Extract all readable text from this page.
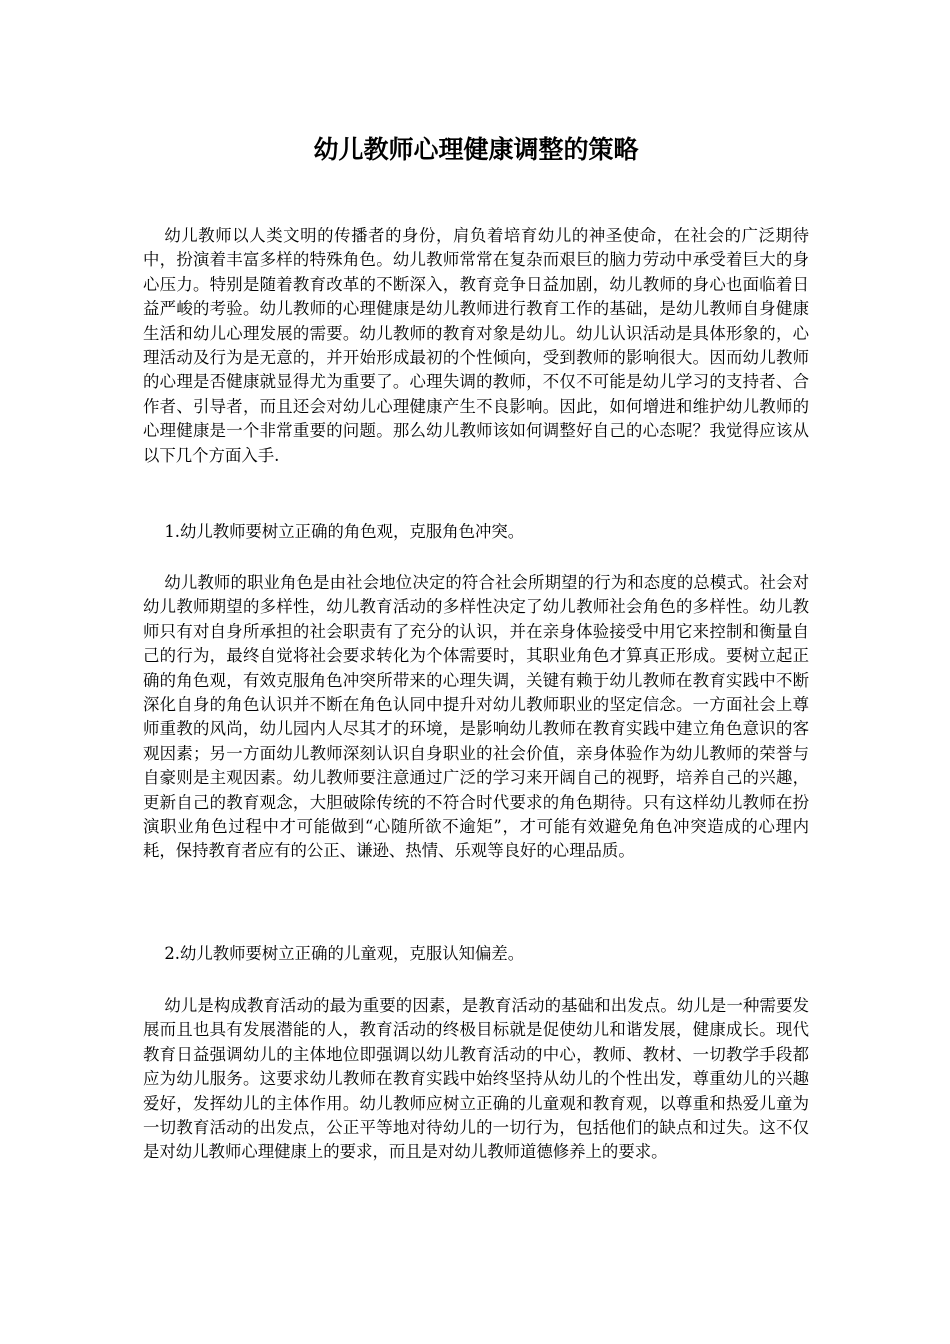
幼儿教师心理健康调整的策略

幼儿教师以人类文明的传播者的身份，肩负着培育幼儿的神圣使命，在社会的广泛期待中，扮演着丰富多样的特殊角色。幼儿教师常常在复杂而艰巨的脑力劳动中承受着巨大的身心压力。特别是随着教育改革的不断深入，教育竞争日益加剧，幼儿教师的身心也面临着日益严峻的考验。幼儿教师的心理健康是幼儿教师进行教育工作的基础，是幼儿教师自身健康生活和幼儿心理发展的需要。幼儿教师的教育对象是幼儿。幼儿认识活动是具体形象的，心理活动及行为是无意的，并开始形成最初的个性倾向，受到教师的影响很大。因而幼儿教师的心理是否健康就显得尤为重要了。心理失调的教师，不仅不可能是幼儿学习的支持者、合作者、引导者，而且还会对幼儿心理健康产生不良影响。因此，如何增进和维护幼儿教师的心理健康是一个非常重要的问题。那么幼儿教师该如何调整好自己的心态呢？我觉得应该从以下几个方面入手.

1.幼儿教师要树立正确的角色观，克服角色冲突。

幼儿教师的职业角色是由社会地位决定的符合社会所期望的行为和态度的总模式。社会对幼儿教师期望的多样性，幼儿教育活动的多样性决定了幼儿教师社会角色的多样性。幼儿教师只有对自身所承担的社会职责有了充分的认识，并在亲身体验接受中用它来控制和衡量自己的行为，最终自觉将社会要求转化为个体需要时，其职业角色才算真正形成。要树立起正确的角色观，有效克服角色冲突所带来的心理失调，关键有赖于幼儿教师在教育实践中不断深化自身的角色认识并不断在角色认同中提升对幼儿教师职业的坚定信念。一方面社会上尊师重教的风尚，幼儿园内人尽其才的环境，是影响幼儿教师在教育实践中建立角色意识的客观因素；另一方面幼儿教师深刻认识自身职业的社会价值，亲身体验作为幼儿教师的荣誉与自豪则是主观因素。幼儿教师要注意通过广泛的学习来开阔自己的视野，培养自己的兴趣，更新自己的教育观念，大胆破除传统的不符合时代要求的角色期待。只有这样幼儿教师在扮演职业角色过程中才可能做到“心随所欲不逾矩”，才可能有效避免角色冲突造成的心理内耗，保持教育者应有的公正、谦逊、热情、乐观等良好的心理品质。

2.幼儿教师要树立正确的儿童观，克服认知偏差。

幼儿是构成教育活动的最为重要的因素，是教育活动的基础和出发点。幼儿是一种需要发展而且也具有发展潜能的人，教育活动的终极目标就是促使幼儿和谐发展，健康成长。现代教育日益强调幼儿的主体地位即强调以幼儿教育活动的中心，教师、教材、一切教学手段都应为幼儿服务。这要求幼儿教师在教育实践中始终坚持从幼儿的个性出发，尊重幼儿的兴趣爱好，发挥幼儿的主体作用。幼儿教师应树立正确的儿童观和教育观，以尊重和热爱儿童为一切教育活动的出发点，公正平等地对待幼儿的一切行为，包括他们的缺点和过失。这不仅是对幼儿教师心理健康上的要求，而且是对幼儿教师道德修养上的要求。
